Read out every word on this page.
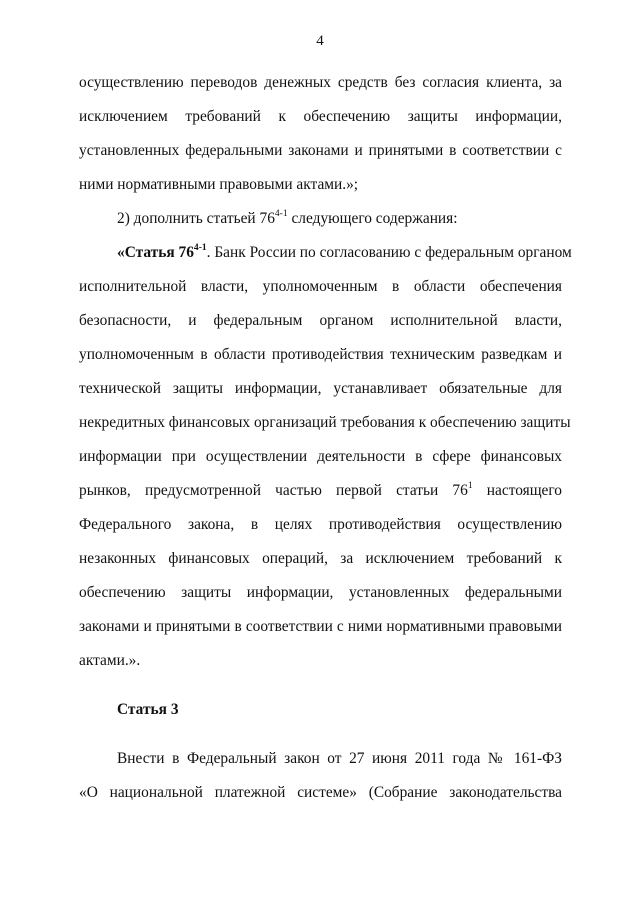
4
осуществлению переводов денежных средств без согласия клиента, за
исключением требований к обеспечению защиты информации,
установленных федеральными законами и принятыми в соответствии с
ними нормативными правовыми актами.»;
2) дополнить статьей 76$^{4-1}$ следующего содержания:
«Статья 76$^{4-1}$. Банк России по согласованию с федеральным органом
исполнительной власти, уполномоченным в области обеспечения
безопасности, и федеральным органом исполнительной власти,
уполномоченным в области противодействия техническим разведкам и
технической защиты информации, устанавливает обязательные для
некредитных финансовых организаций требования к обеспечению защиты
информации при осуществлении деятельности в сфере финансовых
рынков, предусмотренной частью первой статьи $76^1$ настоящего
Федерального закона, в целях противодействия осуществлению
незаконных финансовых операций, за исключением требований к
обеспечению защиты информации, установленных федеральными
законами и принятыми в соответствии с ними нормативными правовыми
актами.».
Статья 3
Внести в Федеральный закон от 27 июня 2011 года № 161-ФЗ
«О национальной платежной системе» (Собрание законодательства
